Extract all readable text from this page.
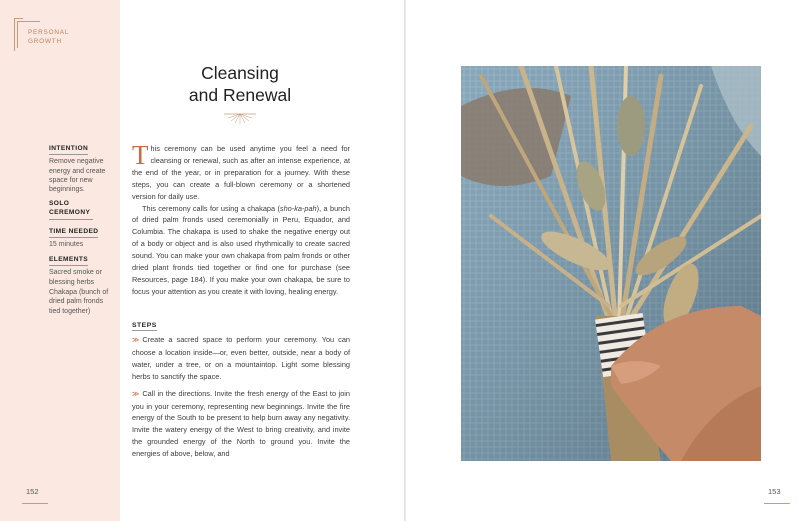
PERSONAL
GROWTH
INTENTION
Remove negative energy and create space for new beginnings.
SOLO CEREMONY
TIME NEEDED
15 minutes
ELEMENTS
Sacred smoke or blessing herbs
Chakapa (bunch of dried palm fronds tied together)
152
Cleansing
and Renewal

This ceremony can be used anytime you feel a need for cleansing or renewal, such as after an intense experience, at the end of the year, or in preparation for a journey. With these steps, you can create a full-blown ceremony or a shortened version for daily use.

This ceremony calls for using a chakapa (sho-ka-pah), a bunch of dried palm fronds used ceremonially in Peru, Equador, and Columbia. The chakapa is used to shake the negative energy out of a body or object and is also used rhythmically to create sacred sound. You can make your own chakapa from palm fronds or other dried plant fronds tied together or find one for purchase (see Resources, page 184). If you make your own chakapa, be sure to focus your attention as you create it with loving, healing energy.

STEPS

≫ Create a sacred space to perform your ceremony. You can choose a location inside—or, even better, outside, near a body of water, under a tree, or on a mountaintop. Light some blessing herbs to sanctify the space.

≫ Call in the directions. Invite the fresh energy of the East to join you in your ceremony, representing new beginnings. Invite the fire energy of the South to be present to help burn away any negativity. Invite the watery energy of the West to bring creativity, and invite the grounded energy of the North to ground you. Invite the energies of above, below, and

153
